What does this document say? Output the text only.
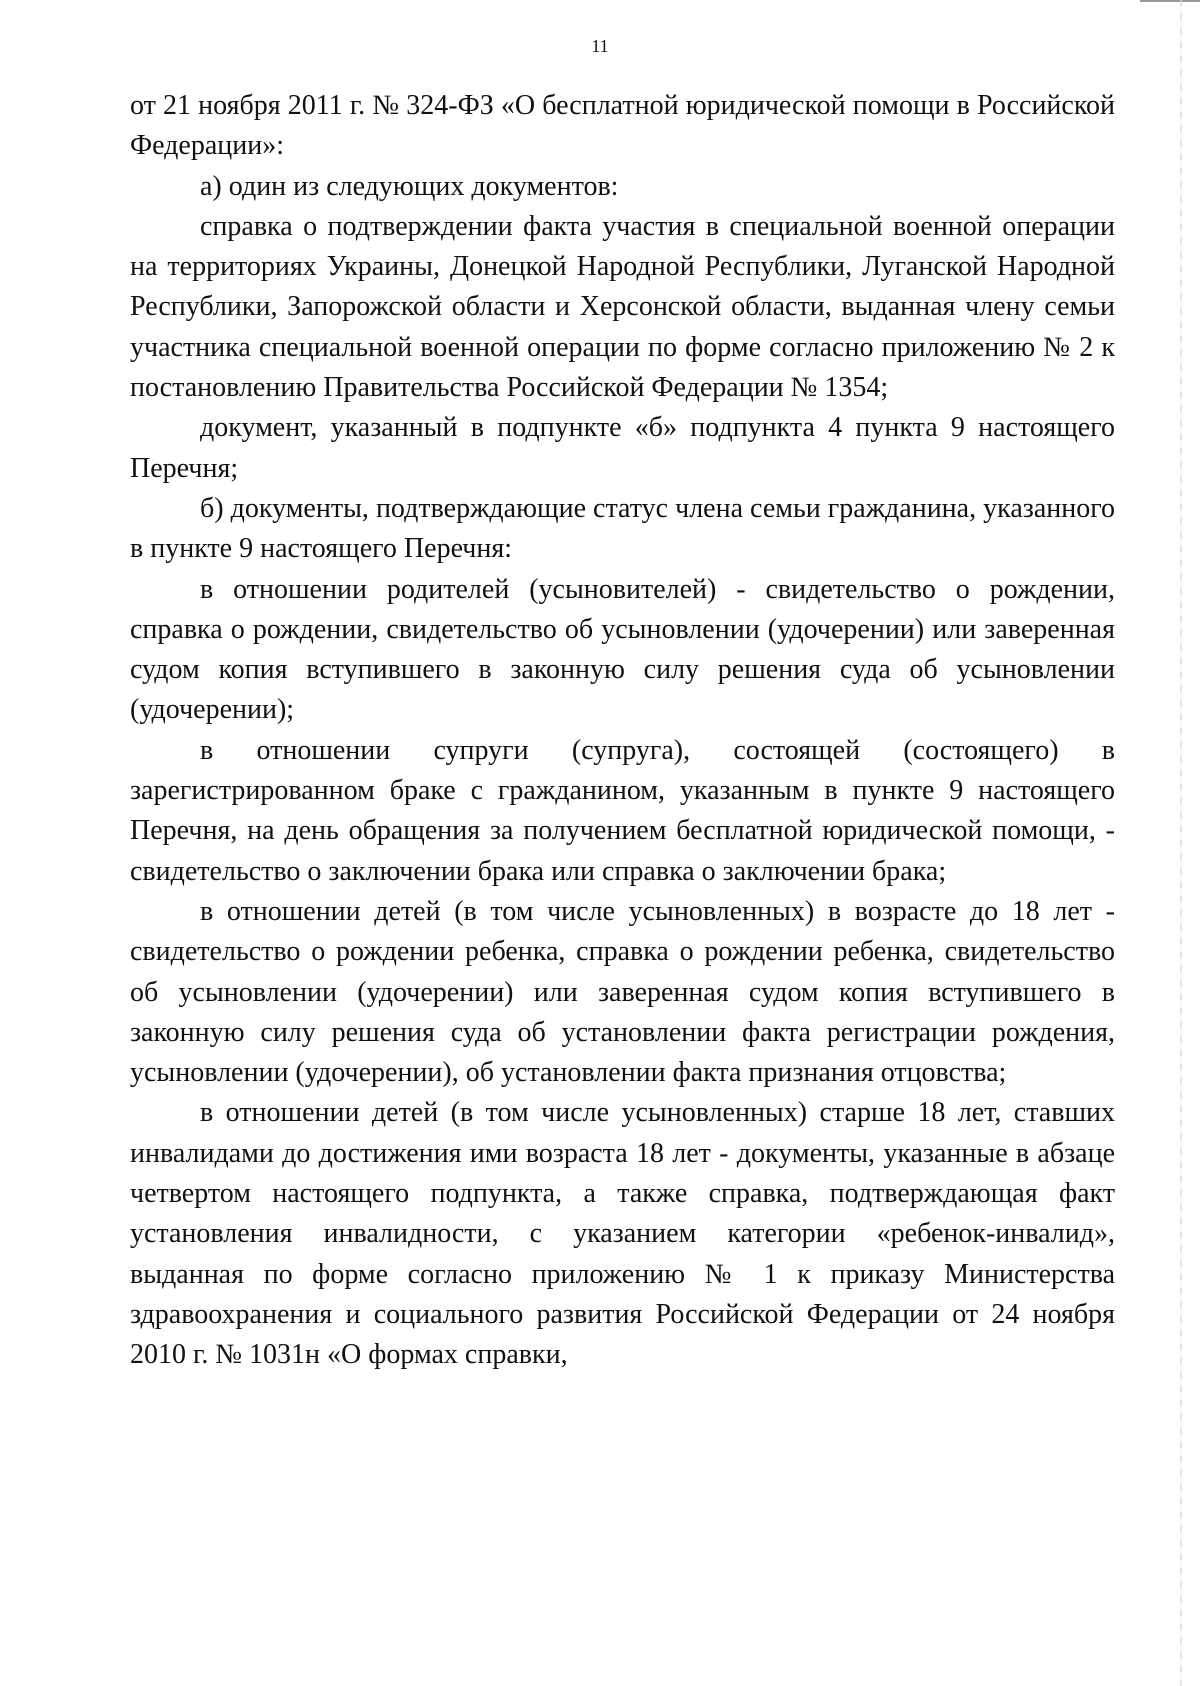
11

от 21 ноября 2011 г. № 324-ФЗ «О бесплатной юридической помощи в Российской Федерации»:

а) один из следующих документов:

справка о подтверждении факта участия в специальной военной операции на территориях Украины, Донецкой Народной Республики, Луганской Народной Республики, Запорожской области и Херсонской области, выданная члену семьи участника специальной военной операции по форме согласно приложению № 2 к постановлению Правительства Российской Федерации № 1354;

документ, указанный в подпункте «б» подпункта 4 пункта 9 настоящего Перечня;

б) документы, подтверждающие статус члена семьи гражданина, указанного в пункте 9 настоящего Перечня:

в отношении родителей (усыновителей) - свидетельство о рождении, справка о рождении, свидетельство об усыновлении (удочерении) или заверенная судом копия вступившего в законную силу решения суда об усыновлении (удочерении);

в отношении супруги (супруга), состоящей (состоящего) в зарегистрированном браке с гражданином, указанным в пункте 9 настоящего Перечня, на день обращения за получением бесплатной юридической помощи, - свидетельство о заключении брака или справка о заключении брака;

в отношении детей (в том числе усыновленных) в возрасте до 18 лет - свидетельство о рождении ребенка, справка о рождении ребенка, свидетельство об усыновлении (удочерении) или заверенная судом копия вступившего в законную силу решения суда об установлении факта регистрации рождения, усыновлении (удочерении), об установлении факта признания отцовства;

в отношении детей (в том числе усыновленных) старше 18 лет, ставших инвалидами до достижения ими возраста 18 лет - документы, указанные в абзаце четвертом настоящего подпункта, а также справка, подтверждающая факт установления инвалидности, с указанием категории «ребенок-инвалид», выданная по форме согласно приложению № 1 к приказу Министерства здравоохранения и социального развития Российской Федерации от 24 ноября 2010 г. № 1031н «О формах справки,
